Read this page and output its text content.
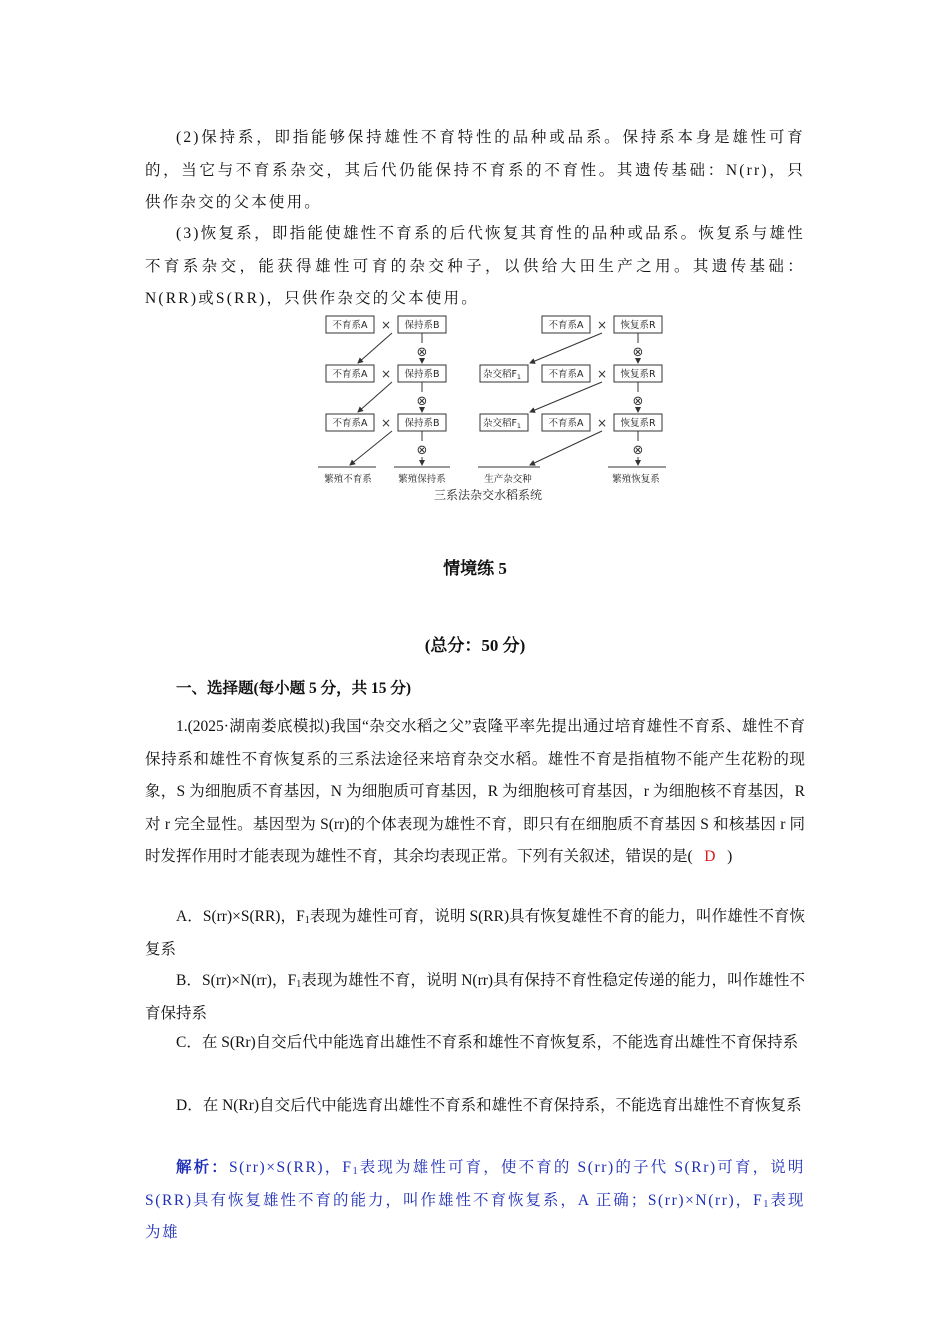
(2)保持系，即指能够保持雄性不育特性的品种或品系。保持系本身是雄性可育的，当它与不育系杂交，其后代仍能保持不育系的不育性。其遗传基础：N(rr)，只供作杂交的父本使用。

(3)恢复系，即指能使雄性不育系的后代恢复其育性的品种或品系。恢复系与雄性不育系杂交，能获得雄性可育的杂交种子，以供给大田生产之用。其遗传基础：N(RR)或S(RR)，只供作杂交的父本使用。

不育系A	保持系B
不育系A	保持系B
不育系A	保持系B
不育系A	恢复系R
杂交稻$F_1$	不育系A	恢复系R
杂交稻$F_1$	不育系A	恢复系R
×
×
×
×
×
×
⊗
⊗
⊗
⊗
⊗
⊗
繁殖不育系	繁殖保持系	生产杂交种	繁殖恢复系
三系法杂交水稻系统

情境练 5

(总分：50 分)

一、选择题(每小题 5 分，共 15 分)

1.(2025·湖南娄底模拟)我国“杂交水稻之父”袁隆平率先提出通过培育雄性不育系、雄性不育保持系和雄性不育恢复系的三系法途径来培育杂交水稻。雄性不育是指植物不能产生花粉的现象，S 为细胞质不育基因，N 为细胞质可育基因，R 为细胞核可育基因，r 为细胞核不育基因，R 对 r 完全显性。基因型为 S(rr)的个体表现为雄性不育，即只有在细胞质不育基因 S 和核基因 r 同时发挥作用时才能表现为雄性不育，其余均表现正常。下列有关叙述，错误的是( D )

A．S(rr)×S(RR)，$F_1$表现为雄性可育，说明 S(RR)具有恢复雄性不育的能力，叫作雄性不育恢复系

B．S(rr)×N(rr)，$F_1$表现为雄性不育，说明 N(rr)具有保持不育性稳定传递的能力，叫作雄性不育保持系

C．在 S(Rr)自交后代中能选育出雄性不育系和雄性不育恢复系，不能选育出雄性不育保持系

D．在 N(Rr)自交后代中能选育出雄性不育系和雄性不育保持系，不能选育出雄性不育恢复系

解析：S(rr)×S(RR)，$F_1$表现为雄性可育，使不育的 S(rr)的子代 S(Rr)可育，说明 S(RR)具有恢复雄性不育的能力，叫作雄性不育恢复系，A 正确；S(rr)×N(rr)，$F_1$表现为雄
